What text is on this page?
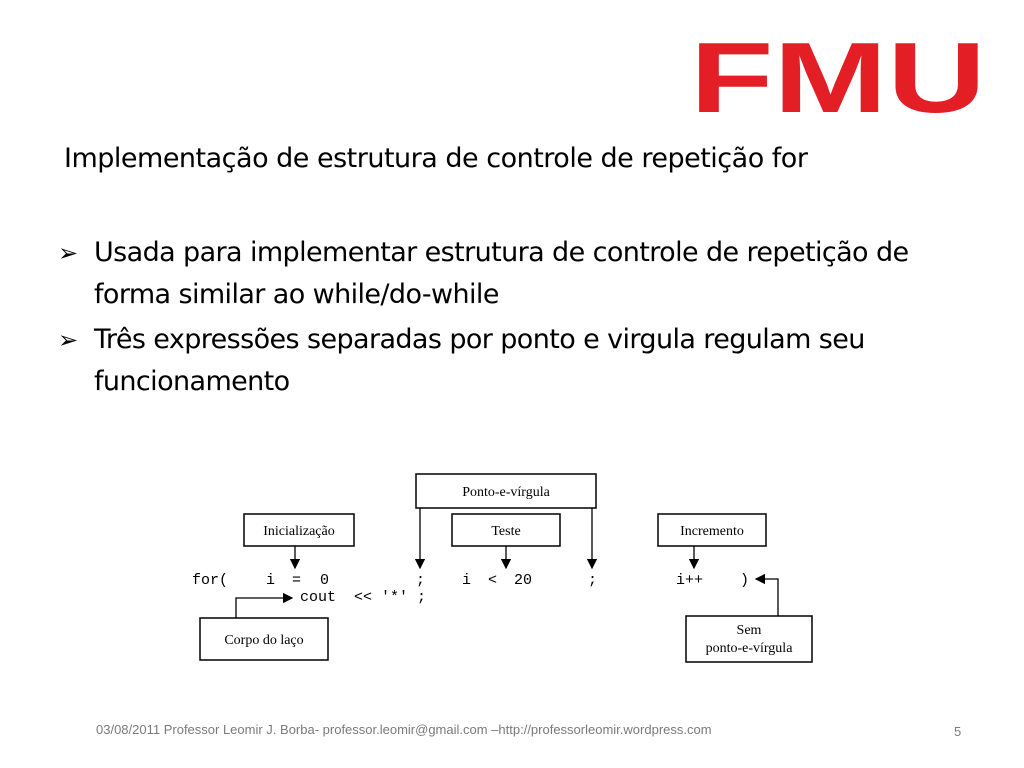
FMU
Implementação de estrutura de controle de repetição for
➢ Usada para implementar estrutura de controle de repetição de forma similar ao while/do-while
➢ Três expressões separadas por ponto e virgula regulam seu funcionamento
Ponto-e-vírgula
Inicialização	Teste	Incremento
for(	i = 0	; i < 20	;	i++ )
cout  << '*' ;
Corpo do laço
Sem
ponto-e-vírgula
03/08/2011 Professor Leomir J. Borba- professor.leomir@gmail.com –http://professorleomir.wordpress.com	5
